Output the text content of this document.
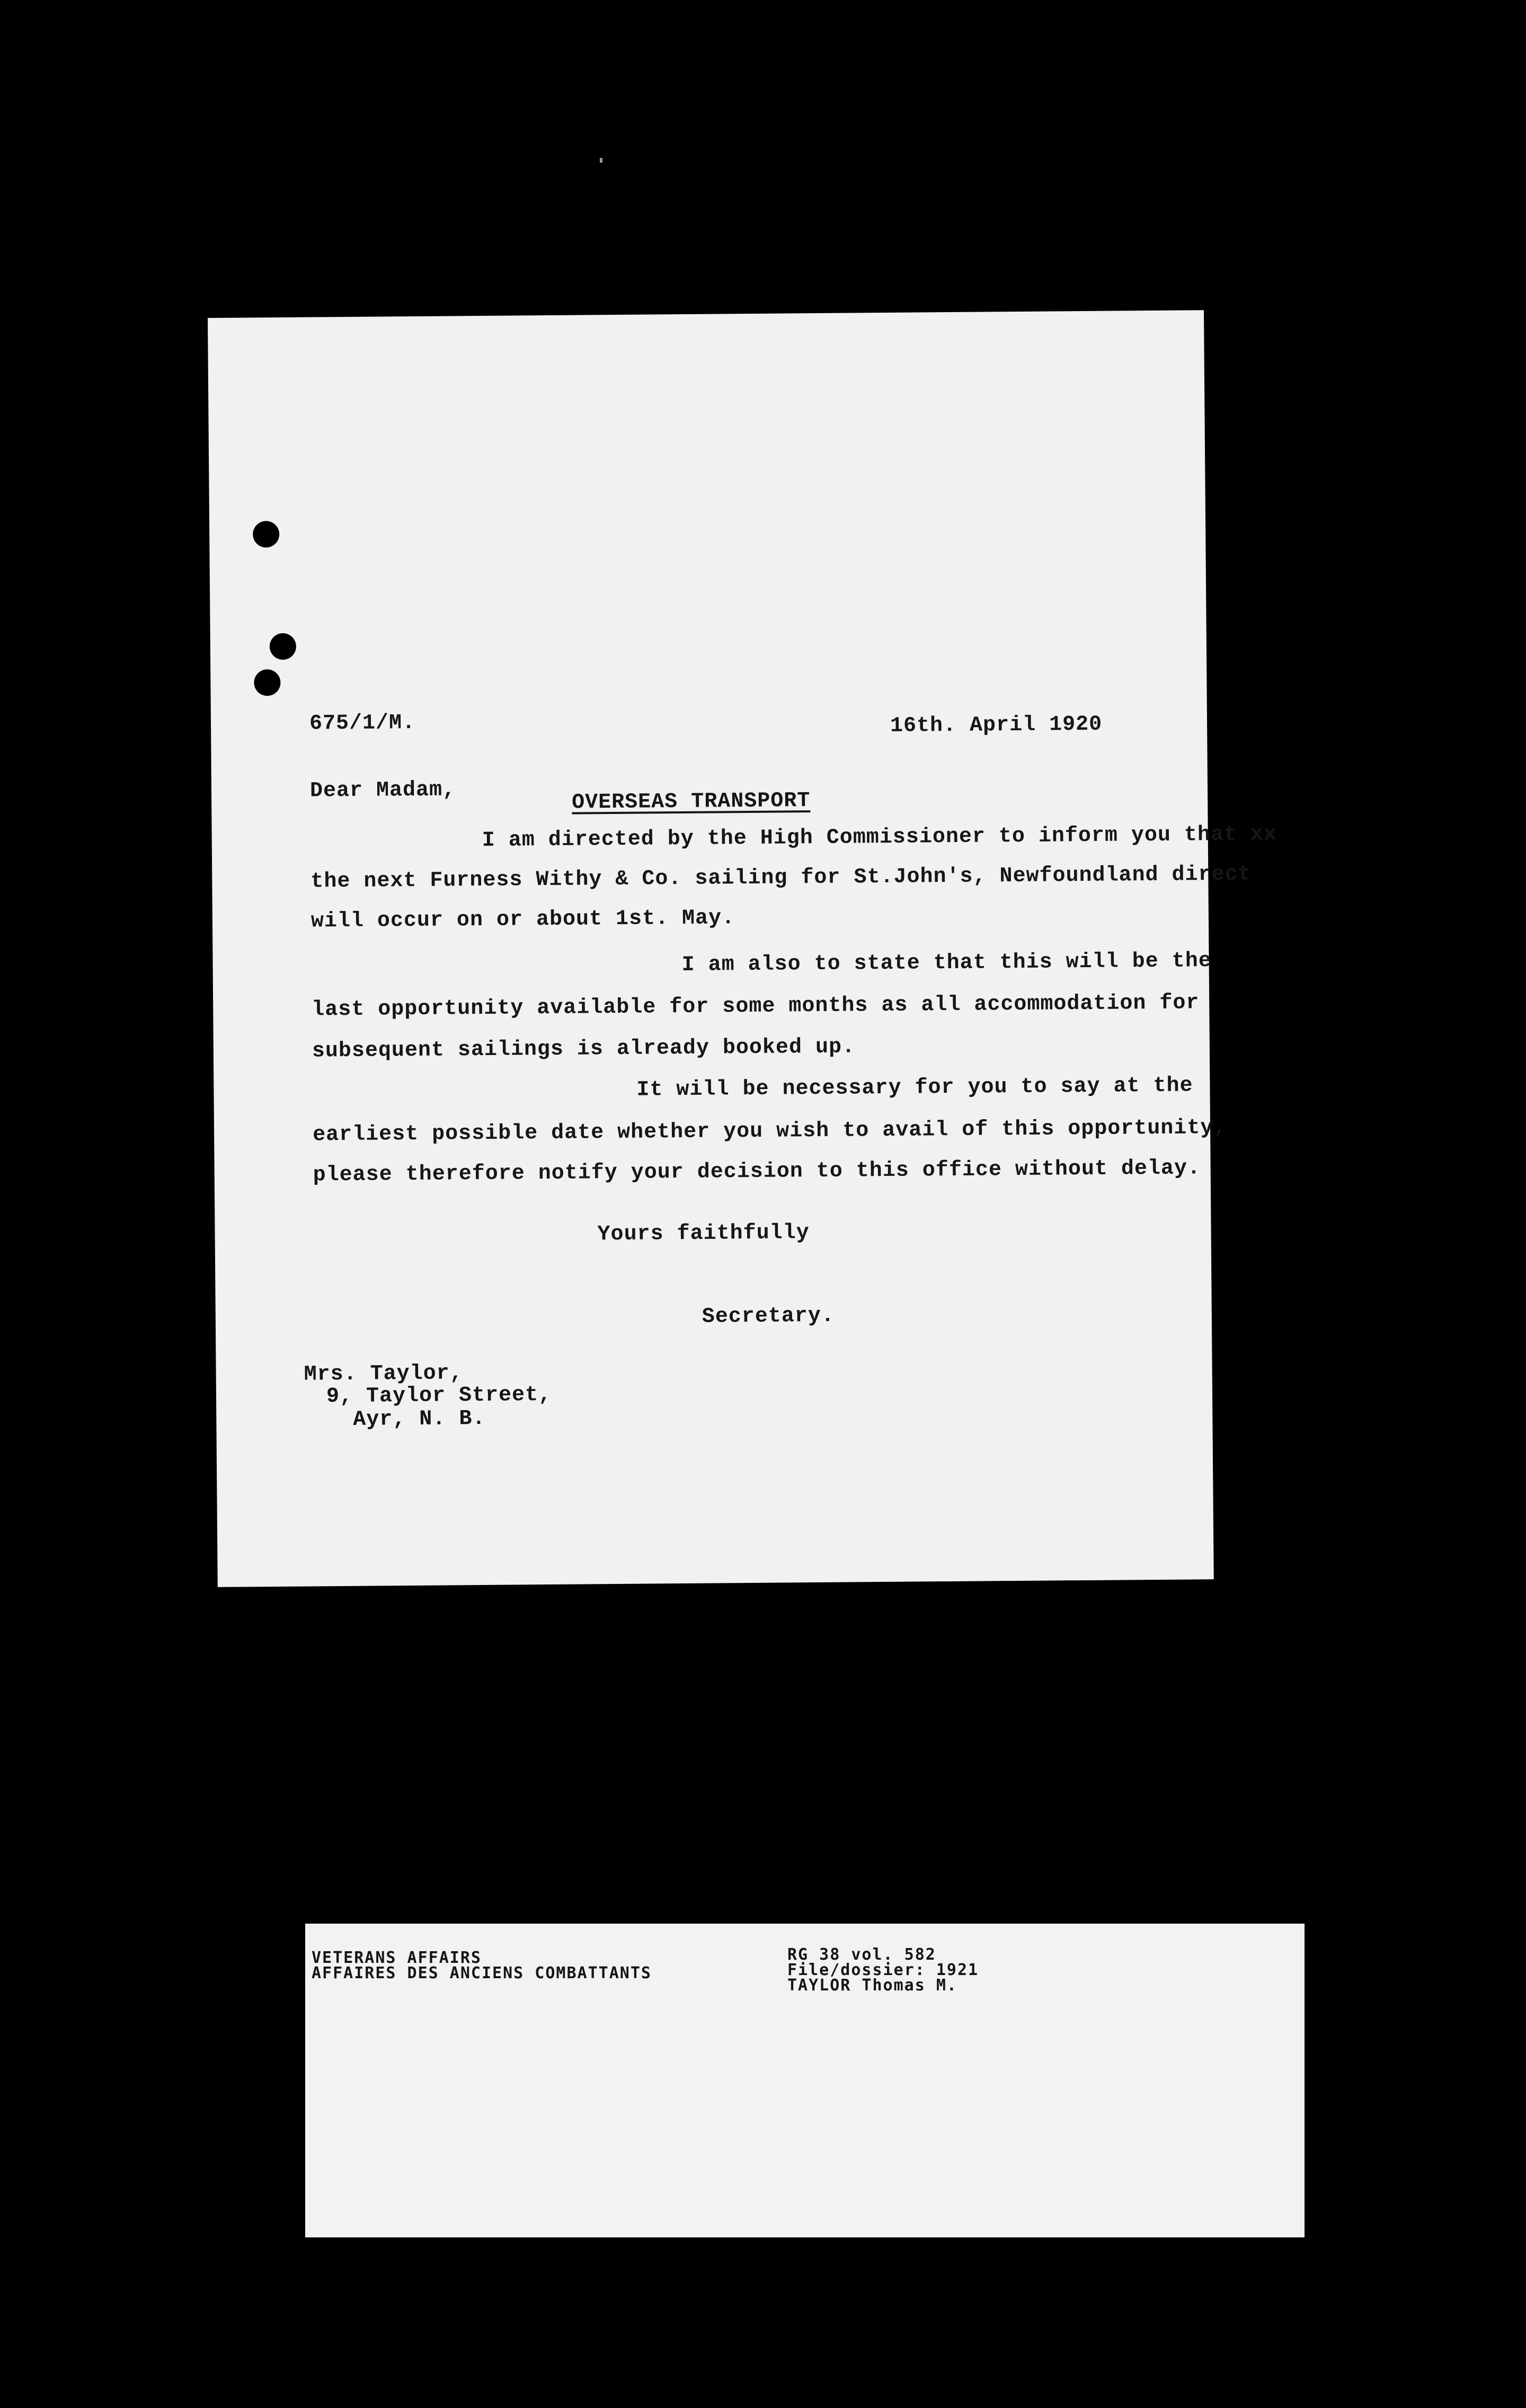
675/1/M.	16th. April 1920
Dear Madam,	OVERSEAS TRANSPORT
I am directed by the High Commissioner to inform you that xx
the next Furness Withy & Co. sailing for St.John's, Newfoundland direct
will occur on or about 1st. May.
I am also to state that this will be the
last opportunity available for some months as all accommodation for
subsequent sailings is already booked up.
It will be necessary for you to say at the
earliest possible date whether you wish to avail of this opportunity,
please therefore notify your decision to this office without delay.
Yours faithfully
Secretary.
Mrs. Taylor,
9, Taylor Street,
Ayr, N. B.
VETERANS AFFAIRS
AFFAIRES DES ANCIENS COMBATTANTS
RG 38 vol. 582
File/dossier: 1921
TAYLOR Thomas M.
